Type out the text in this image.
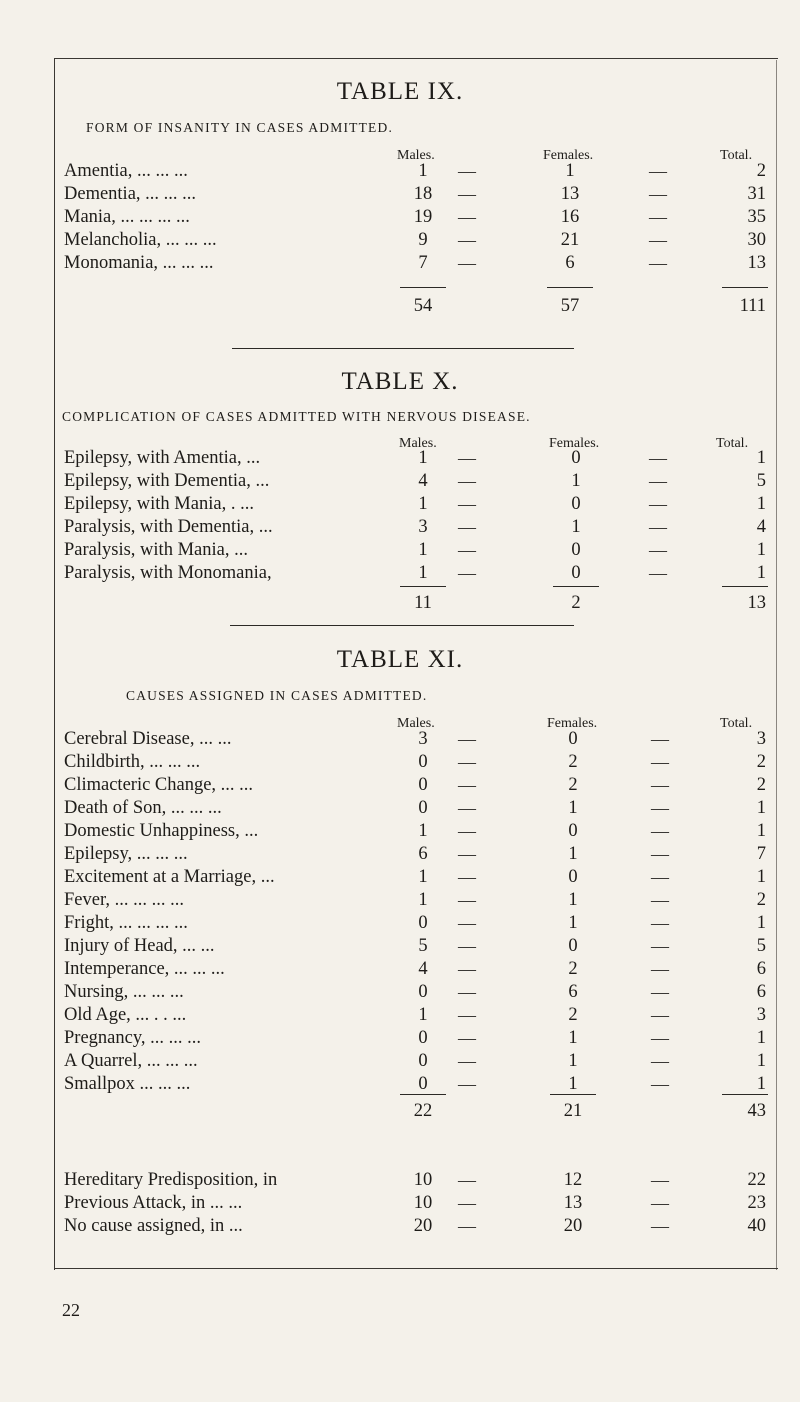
TABLE IX.
FORM OF INSANITY IN CASES ADMITTED.
Males.	Females.	Total.
Amentia, ... ... ...	1	—	1	—	2
Dementia, ... ... ...	18	—	13	—	31
Mania, ... ... ... ...	19	—	16	—	35
Melancholia, ... ... ...	9	—	21	—	30
Monomania, ... ... ...	7	—	6	—	13
54	57	111
TABLE X.
COMPLICATION OF CASES ADMITTED WITH NERVOUS DISEASE.
Males.	Females.	Total.
Epilepsy, with Amentia, ...	1	—	0	—	1
Epilepsy, with Dementia, ...	4	—	1	—	5
Epilepsy, with Mania, . ...	1	—	0	—	1
Paralysis, with Dementia, ...	3	—	1	—	4
Paralysis, with Mania, ...	1	—	0	—	1
Paralysis, with Monomania,	1	—	0	—	1
11	2	13
TABLE XI.
CAUSES ASSIGNED IN CASES ADMITTED.
Males.	Females.	Total.
Cerebral Disease, ... ...	3	—	0	—	3
Childbirth, ... ... ...	0	—	2	—	2
Climacteric Change, ... ...	0	—	2	—	2
Death of Son, ... ... ...	0	—	1	—	1
Domestic Unhappiness, ...	1	—	0	—	1
Epilepsy, ... ... ...	6	—	1	—	7
Excitement at a Marriage, ...	1	—	0	—	1
Fever, ... ... ... ...	1	—	1	—	2
Fright, ... ... ... ...	0	—	1	—	1
Injury of Head, ... ...	5	—	0	—	5
Intemperance, ... ... ...	4	—	2	—	6
Nursing, ... ... ...	0	—	6	—	6
Old Age, ... . . ...	1	—	2	—	3
Pregnancy, ... ... ...	0	—	1	—	1
A Quarrel, ... ... ...	0	—	1	—	1
Smallpox ... ... ...	0	—	1	—	1
22	21	43
Hereditary Predisposition, in	10	—	12	—	22
Previous Attack, in ... ...	10	—	13	—	23
No cause assigned, in ...	20	—	20	—	40
22
